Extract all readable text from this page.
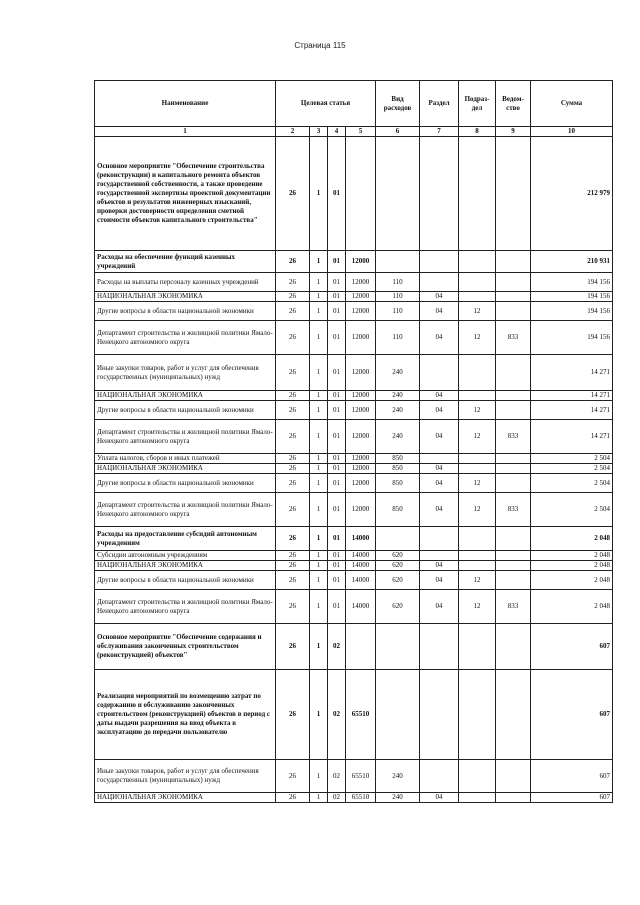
Страница 115
Наименование	Целевая статья				Вид расходов	Раздел	Подраз-дел	Ведом-ство	Сумма
1	2	3	4	5	6	7	8	9	10
Основное мероприятие "Обеспечение строительства (реконструкции) и капитального ремонта объектов государственной собственности, а также проведение государственной экспертизы проектной документации объектов и результатов инженерных изысканий, проверки достоверности определения сметной стоимости объектов капитального строительства"	26	1	01						212 979
Расходы на обеспечение функций казенных учреждений	26	1	01	12000					210 931
Расходы на выплаты персоналу казенных учреждений	26	1	01	12000	110				194 156
НАЦИОНАЛЬНАЯ ЭКОНОМИКА	26	1	01	12000	110	04			194 156
Другие вопросы в области национальной экономики	26	1	01	12000	110	04	12		194 156
Департамент строительства и жилищной политики Ямало-Ненецкого автономного округа	26	1	01	12000	110	04	12	833	194 156
Иные закупки товаров, работ и услуг для обеспечения государственных (муниципальных) нужд	26	1	01	12000	240				14 271
НАЦИОНАЛЬНАЯ ЭКОНОМИКА	26	1	01	12000	240	04			14 271
Другие вопросы в области национальной экономики	26	1	01	12000	240	04	12		14 271
Департамент строительства и жилищной политики Ямало-Ненецкого автономного округа	26	1	01	12000	240	04	12	833	14 271
Уплата налогов, сборов и иных платежей	26	1	01	12000	850				2 504
НАЦИОНАЛЬНАЯ ЭКОНОМИКА	26	1	01	12000	850	04			2 504
Другие вопросы в области национальной экономики	26	1	01	12000	850	04	12		2 504
Департамент строительства и жилищной политики Ямало-Ненецкого автономного округа	26	1	01	12000	850	04	12	833	2 504
Расходы на предоставление субсидий автономным учреждениям	26	1	01	14000					2 048
Субсидии автономным учреждениям	26	1	01	14000	620				2 048
НАЦИОНАЛЬНАЯ ЭКОНОМИКА	26	1	01	14000	620	04			2 048
Другие вопросы в области национальной экономики	26	1	01	14000	620	04	12		2 048
Департамент строительства и жилищной политики Ямало-Ненецкого автономного округа	26	1	01	14000	620	04	12	833	2 048
Основное мероприятие "Обеспечение содержания и обслуживания законченных строительством (реконструкцией) объектов"	26	1	02						607
Реализация мероприятий по возмещению затрат по содержанию и обслуживанию законченных строительством (реконструкцией) объектов в период с даты выдачи разрешения на ввод объекта в эксплуатацию до передачи пользователю	26	1	02	65510					607
Иные закупки товаров, работ и услуг для обеспечения государственных (муниципальных) нужд	26	1	02	65510	240				607
НАЦИОНАЛЬНАЯ ЭКОНОМИКА	26	1	02	65510	240	04			607
